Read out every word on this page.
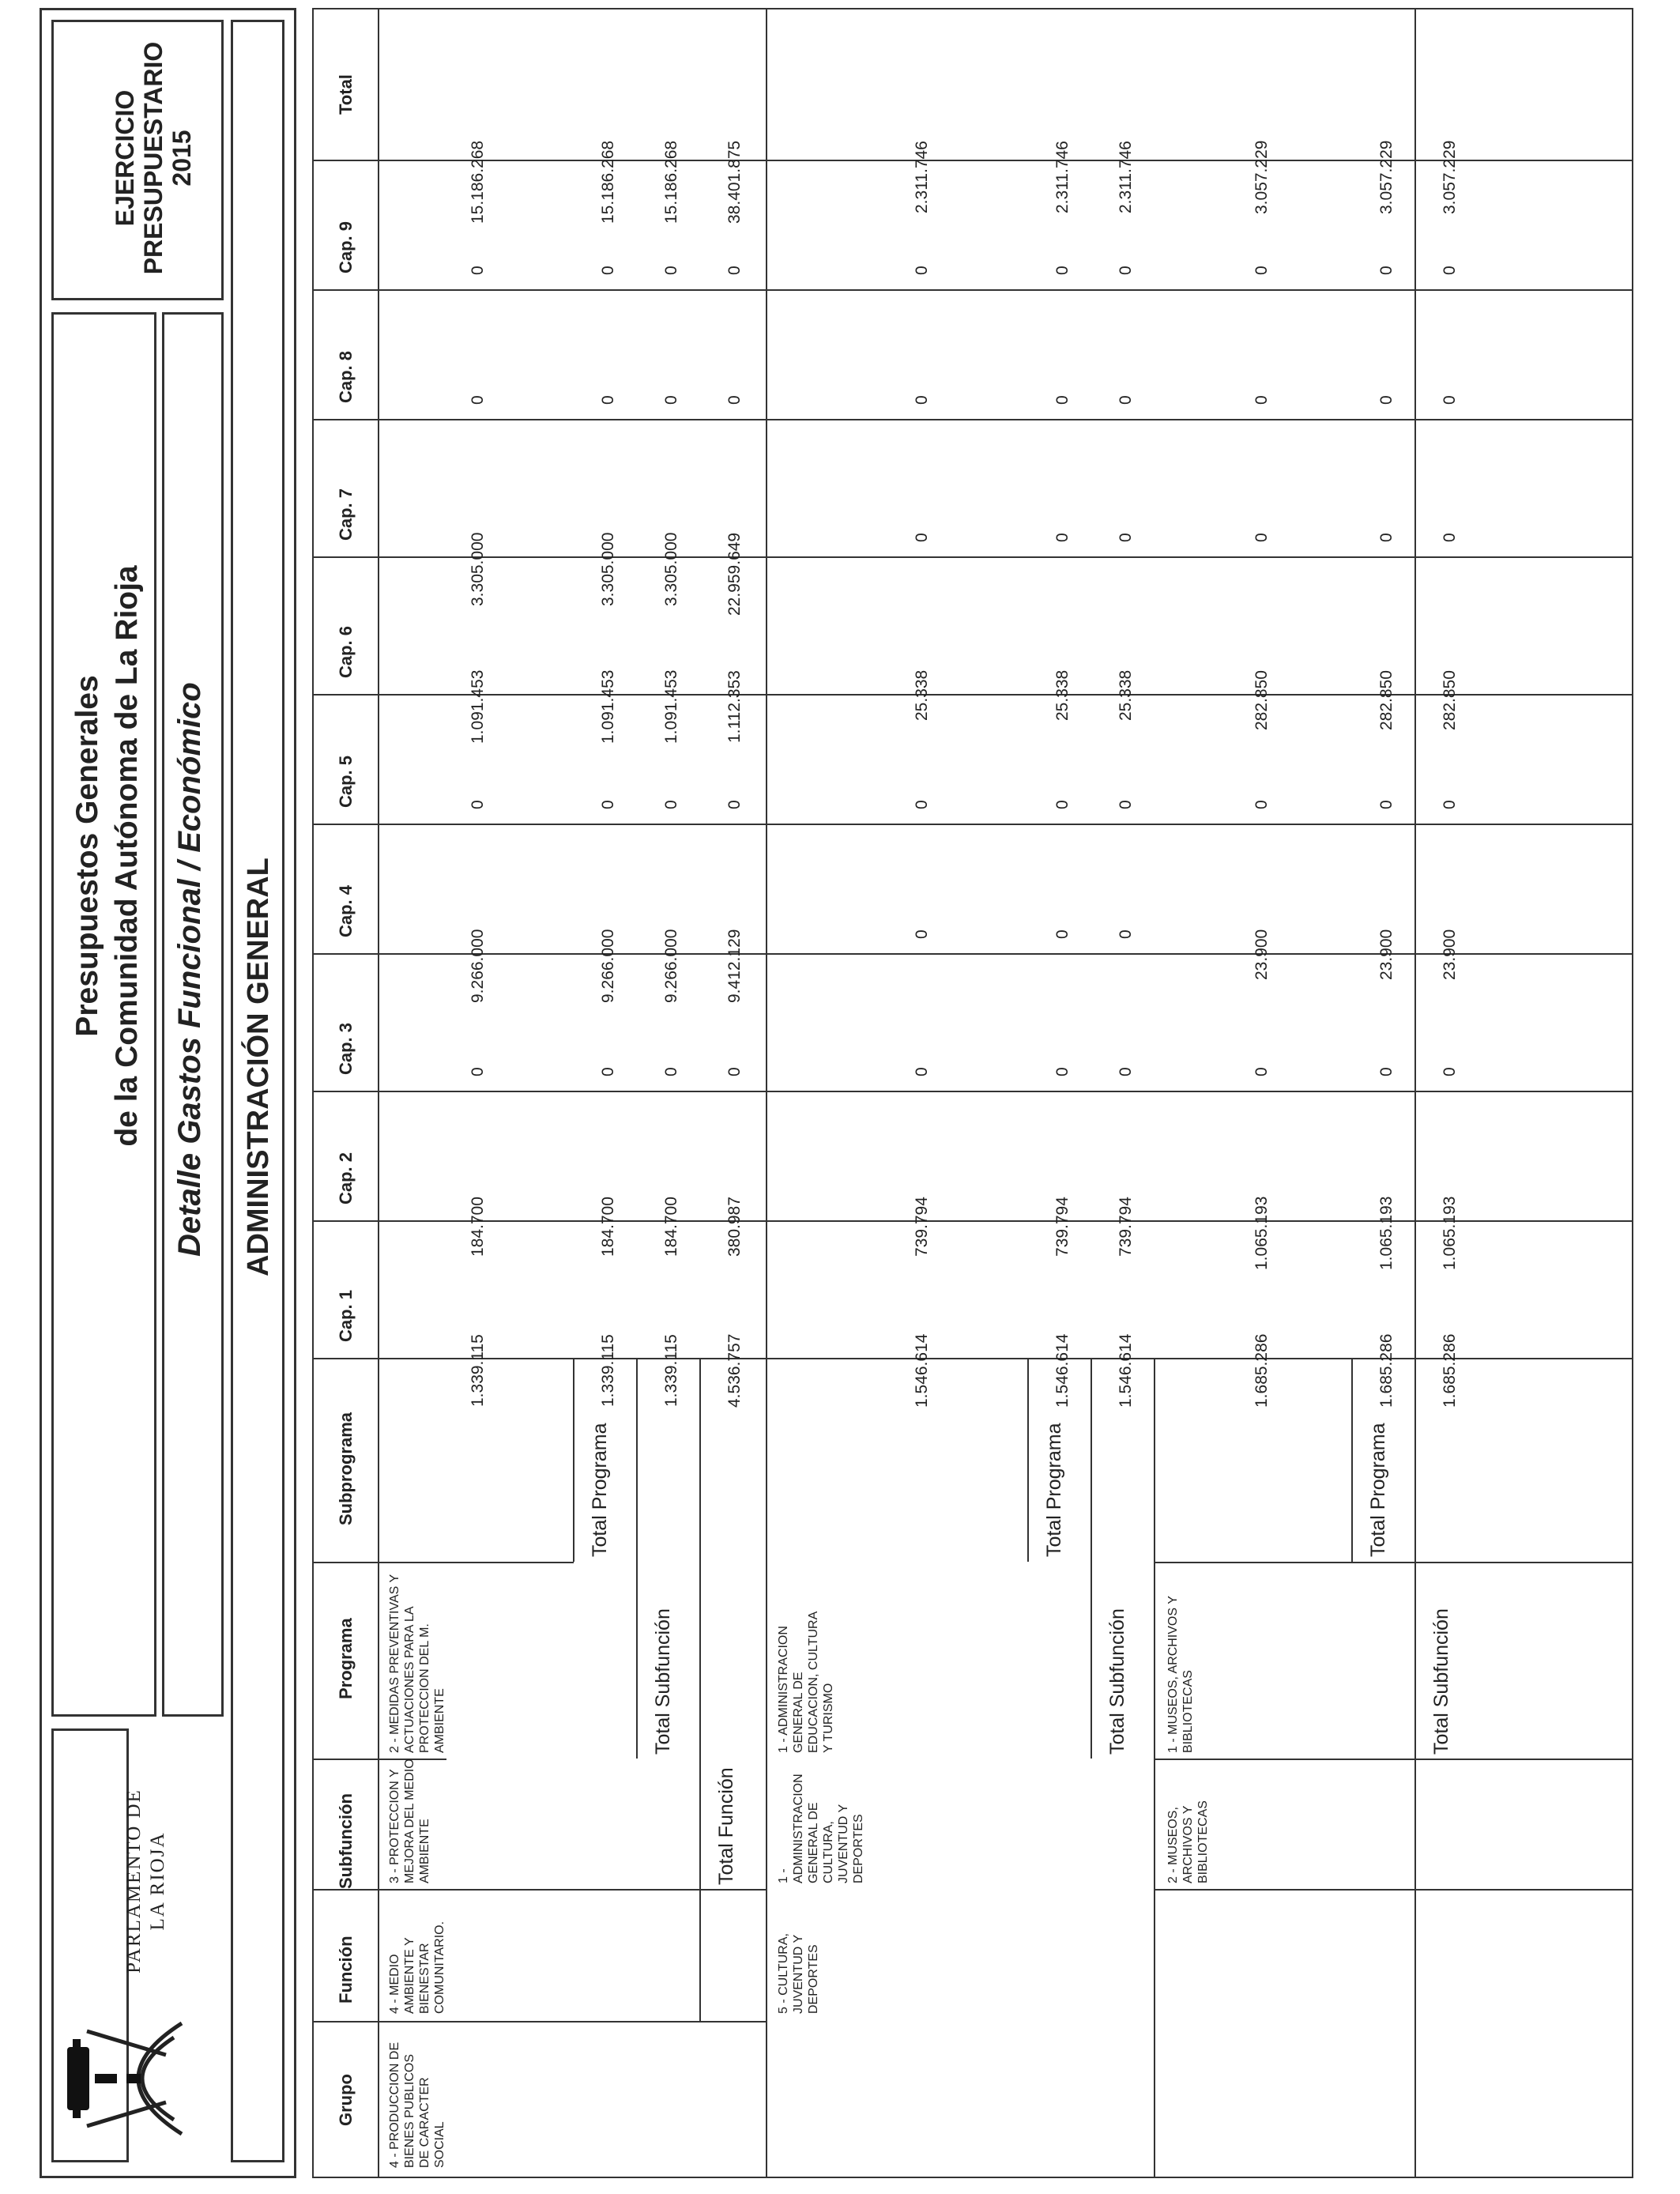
PARLAMENTO DE LA RIOJA
Presupuestos Generales de la Comunidad Autónoma de La Rioja Detalle Gastos Funcional / Económico
EJERCICIO PRESUPUESTARIO 2015
ADMINISTRACIÓN GENERAL
Grupo
Función
Subfunción
Programa
Subprograma
Cap. 1
Cap. 2
Cap. 3
Cap. 4
Cap. 5
Cap. 6
Cap. 7
Cap. 8
Cap. 9
Total
4 - PRODUCCION DE BIENES PUBLICOS DE CARACTER SOCIAL
4 - MEDIO AMBIENTE Y BIENESTAR COMUNITARIO.
3 - PROTECCION Y MEJORA DEL MEDIO AMBIENTE
2 - MEDIDAS PREVENTIVAS Y ACTUACIONES PARA LA PROTECCION DEL M. AMBIENTE
Total Programa
Total Subfunción
Total Función
5 - CULTURA, JUVENTUD Y DEPORTES
1 - ADMINISTRACION GENERAL DE CULTURA, JUVENTUD Y DEPORTES
1 - ADMINISTRACION GENERAL DE EDUCACION, CULTURA Y TURISMO
Total Programa
Total Subfunción
2 - MUSEOS, ARCHIVOS Y BIBLIOTECAS
1 - MUSEOS, ARCHIVOS Y BIBLIOTECAS
Total Programa
Total Subfunción
1.339.115
184.700
0
9.266.000
0
1.091.453
3.305.000
0
0
15.186.268
1.339.115
184.700
0
9.266.000
0
1.091.453
3.305.000
0
0
15.186.268
1.339.115
184.700
0
9.266.000
0
1.091.453
3.305.000
0
0
15.186.268
4.536.757
380.987
0
9.412.129
0
1.112.353
22.959.649
0
0
38.401.875
1.546.614
739.794
0
0
0
25.338
0
0
0
2.311.746
1.546.614
739.794
0
0
0
25.338
0
0
0
2.311.746
1.546.614
739.794
0
0
0
25.338
0
0
0
2.311.746
1.685.286
1.065.193
0
23.900
0
282.850
0
0
0
3.057.229
1.685.286
1.065.193
0
23.900
0
282.850
0
0
0
3.057.229
1.685.286
1.065.193
0
23.900
0
282.850
0
0
0
3.057.229
